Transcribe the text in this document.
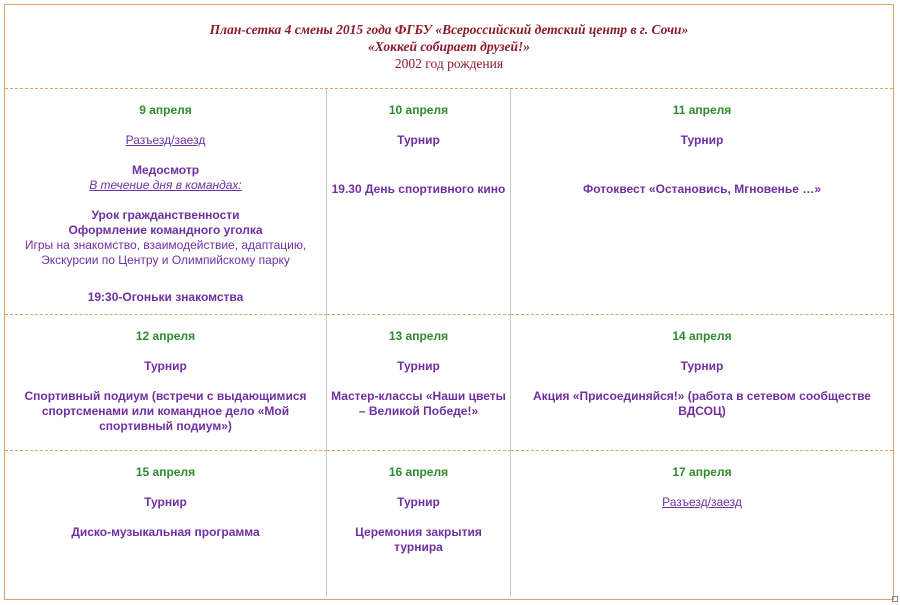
План-сетка 4 смены 2015 года ФГБУ «Всероссийский детский центр в г. Сочи»
«Хоккей собирает друзей!»
2002 год рождения
9 апреля
Разъезд/заезд
Медосмотр
В течение дня в командах:
Урок гражданственности
Оформление командного уголка
Игры на знакомство, взаимодействие, адаптацию,
Экскурсии по Центру и Олимпийскому парку
19:30-Огоньки знакомства
10 апреля
Турнир
19.30 День спортивного кино
11 апреля
Турнир
Фотоквест «Остановись, Мгновенье …»
12 апреля
Турнир
Спортивный подиум (встречи с выдающимися спортсменами или командное дело «Мой спортивный подиум»)
13 апреля
Турнир
Мастер-классы «Наши цветы – Великой Победе!»
14 апреля
Турнир
Акция «Присоединяйся!» (работа в сетевом сообществе ВДСОЦ)
15 апреля
Турнир
Диско-музыкальная программа
16 апреля
Турнир
Церемония закрытия турнира
17 апреля
Разъезд/заезд
